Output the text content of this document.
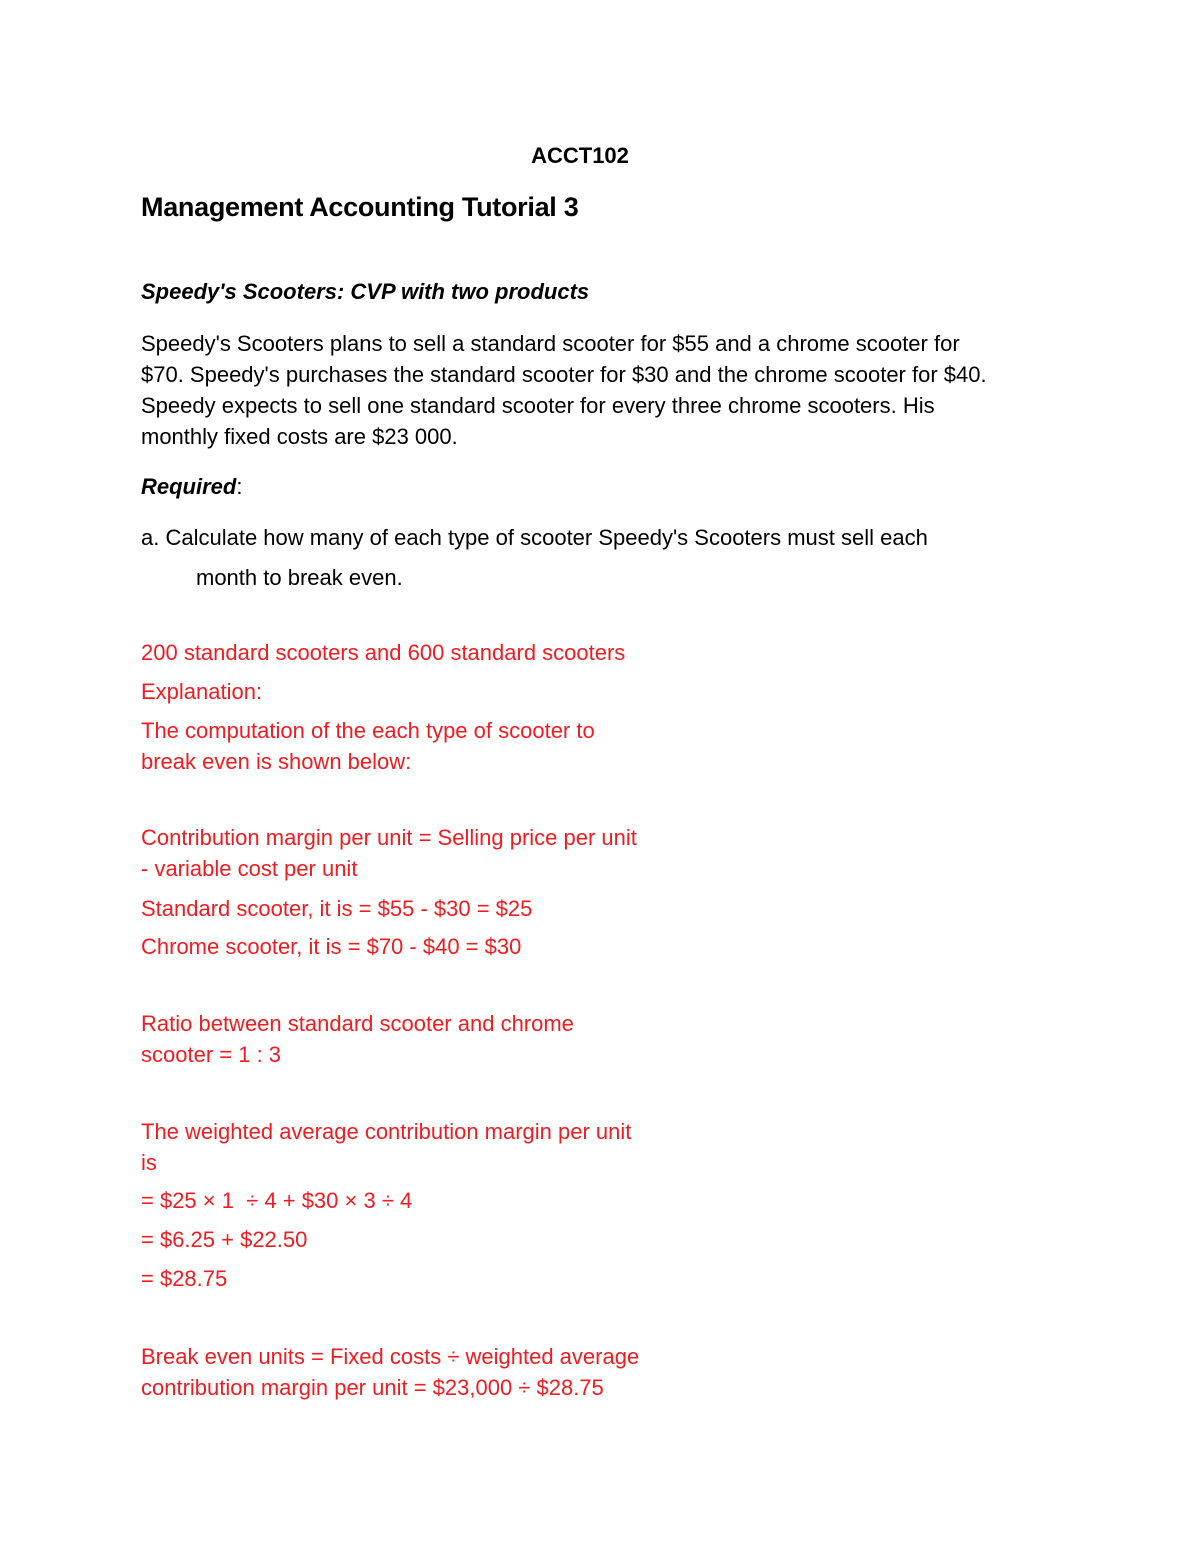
ACCT102
Management Accounting Tutorial 3
Speedy's Scooters: CVP with two products
Speedy's Scooters plans to sell a standard scooter for $55 and a chrome scooter for
$70. Speedy's purchases the standard scooter for $30 and the chrome scooter for $40.
Speedy expects to sell one standard scooter for every three chrome scooters. His
monthly fixed costs are $23 000.
Required:
a. Calculate how many of each type of scooter Speedy's Scooters must sell each
month to break even.
200 standard scooters and 600 standard scooters
Explanation:
The computation of the each type of scooter to
break even is shown below:
Contribution margin per unit = Selling price per unit
- variable cost per unit
Standard scooter, it is = $55 - $30 = $25
Chrome scooter, it is = $70 - $40 = $30
Ratio between standard scooter and chrome
scooter = 1 : 3
The weighted average contribution margin per unit
is
= $25 × 1  ÷ 4 + $30 × 3 ÷ 4
= $6.25 + $22.50
= $28.75
Break even units = Fixed costs ÷ weighted average
contribution margin per unit = $23,000 ÷ $28.75
